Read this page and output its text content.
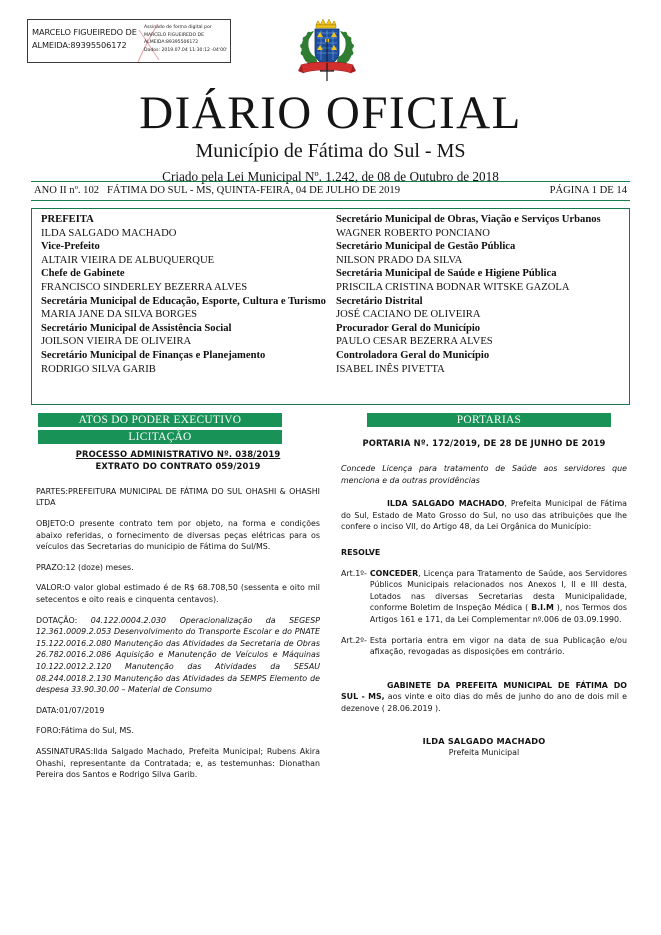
MARCELO FIGUEIREDO DE ALMEIDA:89395506172
Assinado de forma digital por
MARCELO FIGUEIREDO DE
ALMEIDA:89395506172
Dados: 2019.07.04 11:30:12 -04'00'
DIÁRIO OFICIAL
Município de Fátima do Sul - MS
Criado pela Lei Municipal Nº. 1.242, de 08 de Outubro de 2018
ANO II nº. 102 FÁTIMA DO SUL - MS, QUINTA-FEIRA, 04 DE JULHO DE 2019	PÁGINA 1 DE 14
PREFEITA
ILDA SALGADO MACHADO
Vice-Prefeito
ALTAIR VIEIRA DE ALBUQUERQUE
Chefe de Gabinete
FRANCISCO SINDERLEY BEZERRA ALVES
Secretária Municipal de Educação, Esporte, Cultura e Turismo
MARIA JANE DA SILVA BORGES
Secretário Municipal de Assistência Social
JOILSON VIEIRA DE OLIVEIRA
Secretário Municipal de Finanças e Planejamento
RODRIGO SILVA GARIB
Secretário Municipal de Obras, Viação e Serviços Urbanos
WAGNER ROBERTO PONCIANO
Secretário Municipal de Gestão Pública
NILSON PRADO DA SILVA
Secretária Municipal de Saúde e Higiene Pública
PRISCILA CRISTINA BODNAR WITSKE GAZOLA
Secretário Distrital
JOSÉ CACIANO DE OLIVEIRA
Procurador Geral do Município
PAULO CESAR BEZERRA ALVES
Controladora Geral do Município
ISABEL INÊS PIVETTA
ATOS DO PODER EXECUTIVO
LICITAÇÃO
PORTARIAS
PROCESSO ADMINISTRATIVO Nº. 038/2019
EXTRATO DO CONTRATO 059/2019

PARTES:PREFEITURA MUNICIPAL DE FÁTIMA DO SUL OHASHI & OHASHI LTDA

OBJETO:O presente contrato tem por objeto, na forma e condições abaixo referidas, o fornecimento de diversas peças elétricas para os veículos das Secretarias do municipio de Fátima do Sul/MS.

PRAZO:12 (doze) meses.

VALOR:O valor global estimado é de R$ 68.708,50 (sessenta e oito mil setecentos e oito reais e cinquenta centavos).

DOTAÇÃO: 04.122.0004.2.030 Operacionalização da SEGESP 12.361.0009.2.053 Desenvolvimento do Transporte Escolar e do PNATE 15.122.0016.2.080 Manutenção das Atividades da Secretaria de Obras 26.782.0016.2.086 Aquisição e Manutenção de Veículos e Máquinas 10.122.0012.2.120 Manutenção das Atividades da SESAU 08.244.0018.2.130 Manutenção das Atividades da SEMPS Elemento de despesa 33.90.30.00 – Material de Consumo

DATA:01/07/2019

FORO:Fátima do Sul, MS.

ASSINATURAS:Ilda Salgado Machado, Prefeita Municipal; Rubens Akira Ohashi, representante da Contratada; e, as testemunhas: Dionathan Pereira dos Santos e Rodrigo Silva Garib.

PORTARIA Nº. 172/2019, DE 28 DE JUNHO DE 2019

Concede Licença para tratamento de Saúde aos servidores que menciona e da outras providências

ILDA SALGADO MACHADO, Prefeita Municipal de Fátima do Sul, Estado de Mato Grosso do Sul, no uso das atribuições que lhe confere o inciso VII, do Artigo 48, da Lei Orgânica do Município:

RESOLVE

Art.1º- CONCEDER, Licença para Tratamento de Saúde, aos Servidores Públicos Municipais relacionados nos Anexos I, II e III desta, Lotados nas diversas Secretarias desta Municipalidade, conforme Boletim de Inspeção Médica ( B.I.M ), nos Termos dos Artigos 161 e 171, da Lei Complementar nº.006 de 03.09.1990.
Art.2º- Esta portaria entra em vigor na data de sua Publicação e/ou afixação, revogadas as disposições em contrário.

GABINETE DA PREFEITA MUNICIPAL DE FÁTIMA DO SUL - MS, aos vinte e oito dias do mês de junho do ano de dois mil e dezenove ( 28.06.2019 ).

ILDA SALGADO MACHADO
Prefeita Municipal
